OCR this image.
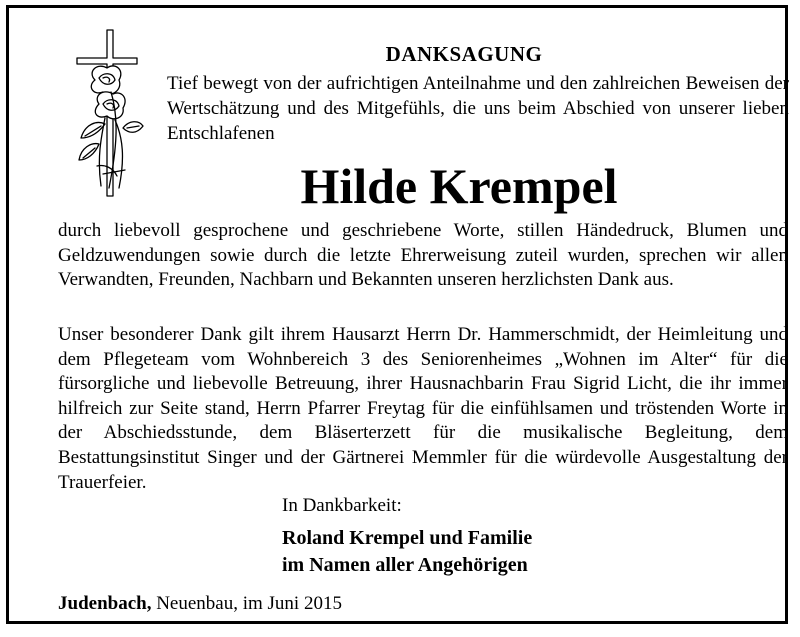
DANKSAGUNG
Tief bewegt von der aufrichtigen Anteilnahme und den zahlreichen Beweisen der Wertschätzung und des Mitgefühls, die uns beim Abschied von unserer lieben Entschlafenen
Hilde Krempel
durch liebevoll gesprochene und geschriebene Worte, stillen Händedruck, Blumen und Geldzuwendungen sowie durch die letzte Ehrerweisung zuteil wurden, sprechen wir allen Verwandten, Freunden, Nachbarn und Bekannten unseren herzlichsten Dank aus.
Unser besonderer Dank gilt ihrem Hausarzt Herrn Dr. Hammerschmidt, der Heimleitung und dem Pflegeteam vom Wohnbereich 3 des Seniorenheimes „Wohnen im Alter“ für die fürsorgliche und liebevolle Betreuung, ihrer Hausnachbarin Frau Sigrid Licht, die ihr immer hilfreich zur Seite stand, Herrn Pfarrer Freytag für die einfühlsamen und tröstenden Worte in der Abschiedsstunde, dem Bläserterzett für die musikalische Begleitung, dem Bestattungsinstitut Singer und der Gärtnerei Memmler für die würdevolle Ausgestaltung der Trauerfeier.
In Dankbarkeit:
Roland Krempel und Familie
im Namen aller Angehörigen
Judenbach, Neuenbau, im Juni 2015
